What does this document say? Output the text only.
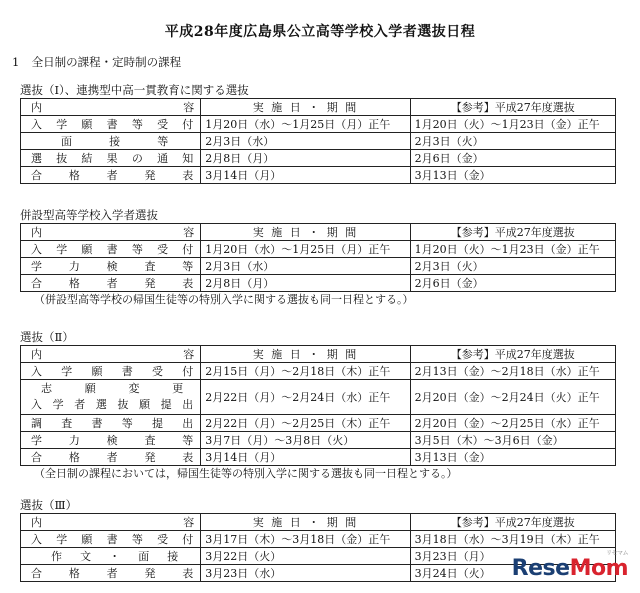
平成28年度広島県公立高等学校入学者選抜日程
1 全日制の課程・定時制の課程
選抜（Ⅰ）、連携型中高一貫教育に関する選抜
内 容	実 施 日 ・ 期 間	【参考】平成27年度選抜
入学願書等受付	1月20日（水）～1月25日（月）正午	1月20日（火）～1月23日（金）正午
面接等	2月3日（水）	2月3日（火）
選抜結果の通知	2月8日（月）	2月6日（金）
合格者発表	3月14日（月）	3月13日（金）
併設型高等学校入学者選抜
内 容	実 施 日 ・ 期 間	【参考】平成27年度選抜
入学願書等受付	1月20日（水）～1月25日（月）正午	1月20日（火）～1月23日（金）正午
学力検査等	2月3日（水）	2月3日（火）
合格者発表	2月8日（月）	2月6日（金）
（併設型高等学校の帰国生徒等の特別入学に関する選抜も同一日程とする。）
選抜（Ⅱ）
内 容	実 施 日 ・ 期 間	【参考】平成27年度選抜
入学願書受付	2月15日（月）～2月18日（木）正午	2月13日（金）～2月18日（水）正午

志願変更
入学者選抜願提出	2月22日（月）～2月24日（水）正午	2月20日（金）～2月24日（火）正午
調査書等提出	2月22日（月）～2月25日（木）正午	2月20日（金）～2月25日（水）正午
学力検査等	3月7日（月）～3月8日（火）	3月5日（木）～3月6日（金）
合格者発表	3月14日（月）	3月13日（金）
（全日制の課程においては，帰国生徒等の特別入学に関する選抜も同一日程とする。）
選抜（Ⅲ）
内 容	実 施 日 ・ 期 間	【参考】平成27年度選抜
入学願書等受付	3月17日（木）～3月18日（金）正午	3月18日（水）～3月19日（木）正午
作文・面接	3月22日（火）	3月23日（月）
合格者発表	3月23日（水）	3月24日（火）
リセマム
ReseMom
